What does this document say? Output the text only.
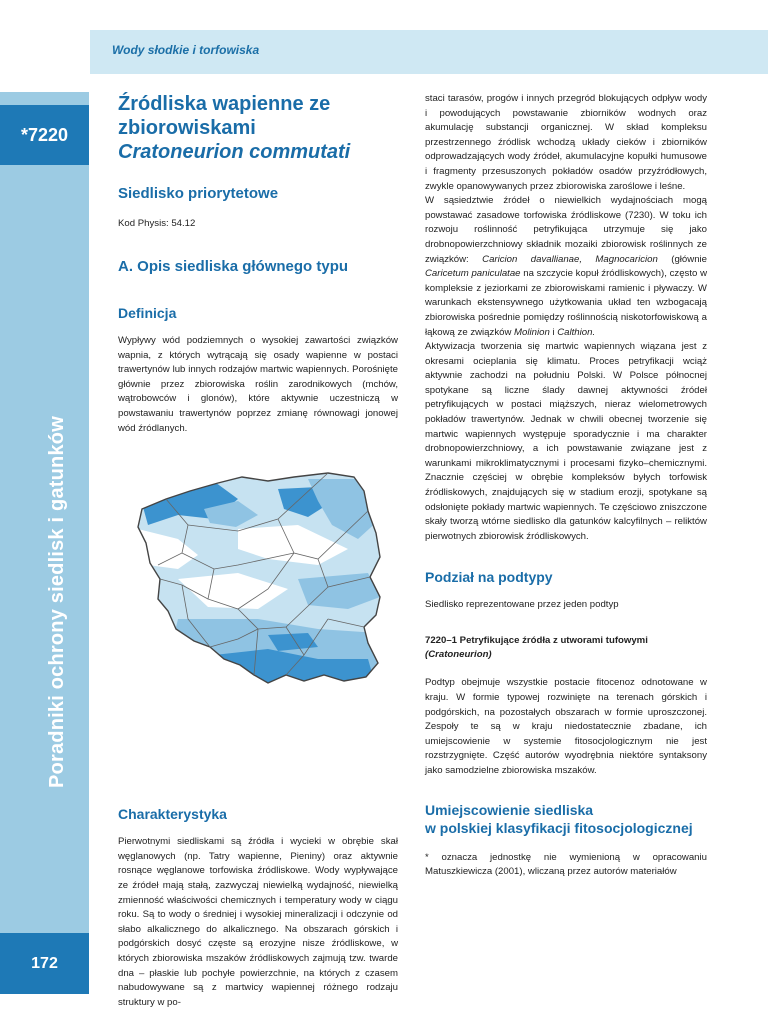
Wody słodkie i torfowiska
Poradniki ochrony siedlisk i gatunków
*7220
172
Źródliska wapienne ze
zbiorowiskami
Cratoneurion commutati
Siedlisko priorytetowe

Kod Physis: 54.12

A. Opis siedliska głównego typu
Definicja

Wypływy wód podziemnych o wysokiej zawartości związków wapnia, z których wytrącają się osady wapienne w postaci trawertynów lub innych rodzajów martwic wapiennych. Porośnięte głównie przez zbiorowiska roślin zarodnikowych (mchów, wątrobowców i glonów), które aktywnie uczestniczą w powstawaniu trawertynów poprzez zmianę równowagi jonowej wód źródlanych.

Charakterystyka

Pierwotnymi siedliskami są źródła i wycieki w obrębie skał węglanowych (np. Tatry wapienne, Pieniny) oraz aktywnie rosnące węglanowe torfowiska źródliskowe. Wody wypływające ze źródeł mają stałą, zazwyczaj niewielką wydajność, niewielką zmienność właściwości chemicznych i temperatury wody w ciągu roku. Są to wody o średniej i wysokiej mineralizacji i odczynie od słabo alkalicznego do alkalicznego. Na obszarach górskich i podgórskich dosyć częste są erozyjne nisze źródliskowe, w których zbiorowiska mszaków źródliskowych zajmują tzw. twarde dna – płaskie lub pochyłe powierzchnie, na których z czasem nabudowywane są z martwicy wapiennej różnego rodzaju struktury w po-

staci tarasów, progów i innych przegród blokujących odpływ wody i powodujących powstawanie zbiorników wodnych oraz akumulację substancji organicznej. W skład kompleksu przestrzennego źródlisk wchodzą układy cieków i zbiorników odprowadzających wody źródeł, akumulacyjne kopułki humusowe i fragmenty przesuszonych pokładów osadów przyźródłowych, zwykle opanowywanych przez zbiorowiska zaroślowe i leśne.

W sąsiedztwie źródeł o niewielkich wydajnościach mogą powstawać zasadowe torfowiska źródliskowe (7230). W toku ich rozwoju roślinność petryfikująca utrzymuje się jako drobnopowierzchniowy składnik mozaiki zbiorowisk roślinnych ze związków: Caricion davallianae, Magnocaricion (głównie Caricetum paniculatae na szczycie kopuł źródliskowych), często w kompleksie z jeziorkami ze zbiorowiskami ramienic i pływaczy. W warunkach ekstensywnego użytkowania układ ten wzbogacają zbiorowiska pośrednie pomiędzy roślinnością niskotorfowiskową a łąkową ze związków Molinion i Calthion.

Aktywizacja tworzenia się martwic wapiennych wiązana jest z okresami ocieplania się klimatu. Proces petryfikacji wciąż aktywnie zachodzi na południu Polski. W Polsce północnej spotykane są liczne ślady dawnej aktywności źródeł petryfikujących w postaci miąższych, nieraz wielometrowych pokładów trawertynów. Jednak w chwili obecnej tworzenie się martwic wapiennych występuje sporadycznie i ma charakter drobnopowierzchniowy, a ich powstawanie związane jest z warunkami mikroklimatycznymi i procesami fizyko–chemicznymi. Znacznie częściej w obrębie kompleksów byłych torfowisk źródliskowych, znajdujących się w stadium erozji, spotykane są odsłonięte pokłady martwic wapiennych. Te częściowo zniszczone skały tworzą wtórne siedlisko dla gatunków kalcyfilnych – reliktów pierwotnych zbiorowisk źródliskowych.

Podział na podtypy

Siedlisko reprezentowane przez jeden podtyp

7220–1 Petryfikujące źródła z utworami tufowymi
(Cratoneurion)

Podtyp obejmuje wszystkie postacie fitocenoz odnotowane w kraju. W formie typowej rozwinięte na terenach górskich i podgórskich, na pozostałych obszarach w formie uproszczonej. Zespoły te są w kraju niedostatecznie zbadane, ich umiejscowienie w systemie fitosocjologicznym nie jest rozstrzygnięte. Część autorów wyodrębnia niektóre syntaksony jako samodzielne zbiorowiska mszaków.

Umiejscowienie siedliska
w polskiej klasyfikacji fitosocjologicznej

* oznacza jednostkę nie wymienioną w opracowaniu Matuszkiewicza (2001), wliczaną przez autorów materiałów
